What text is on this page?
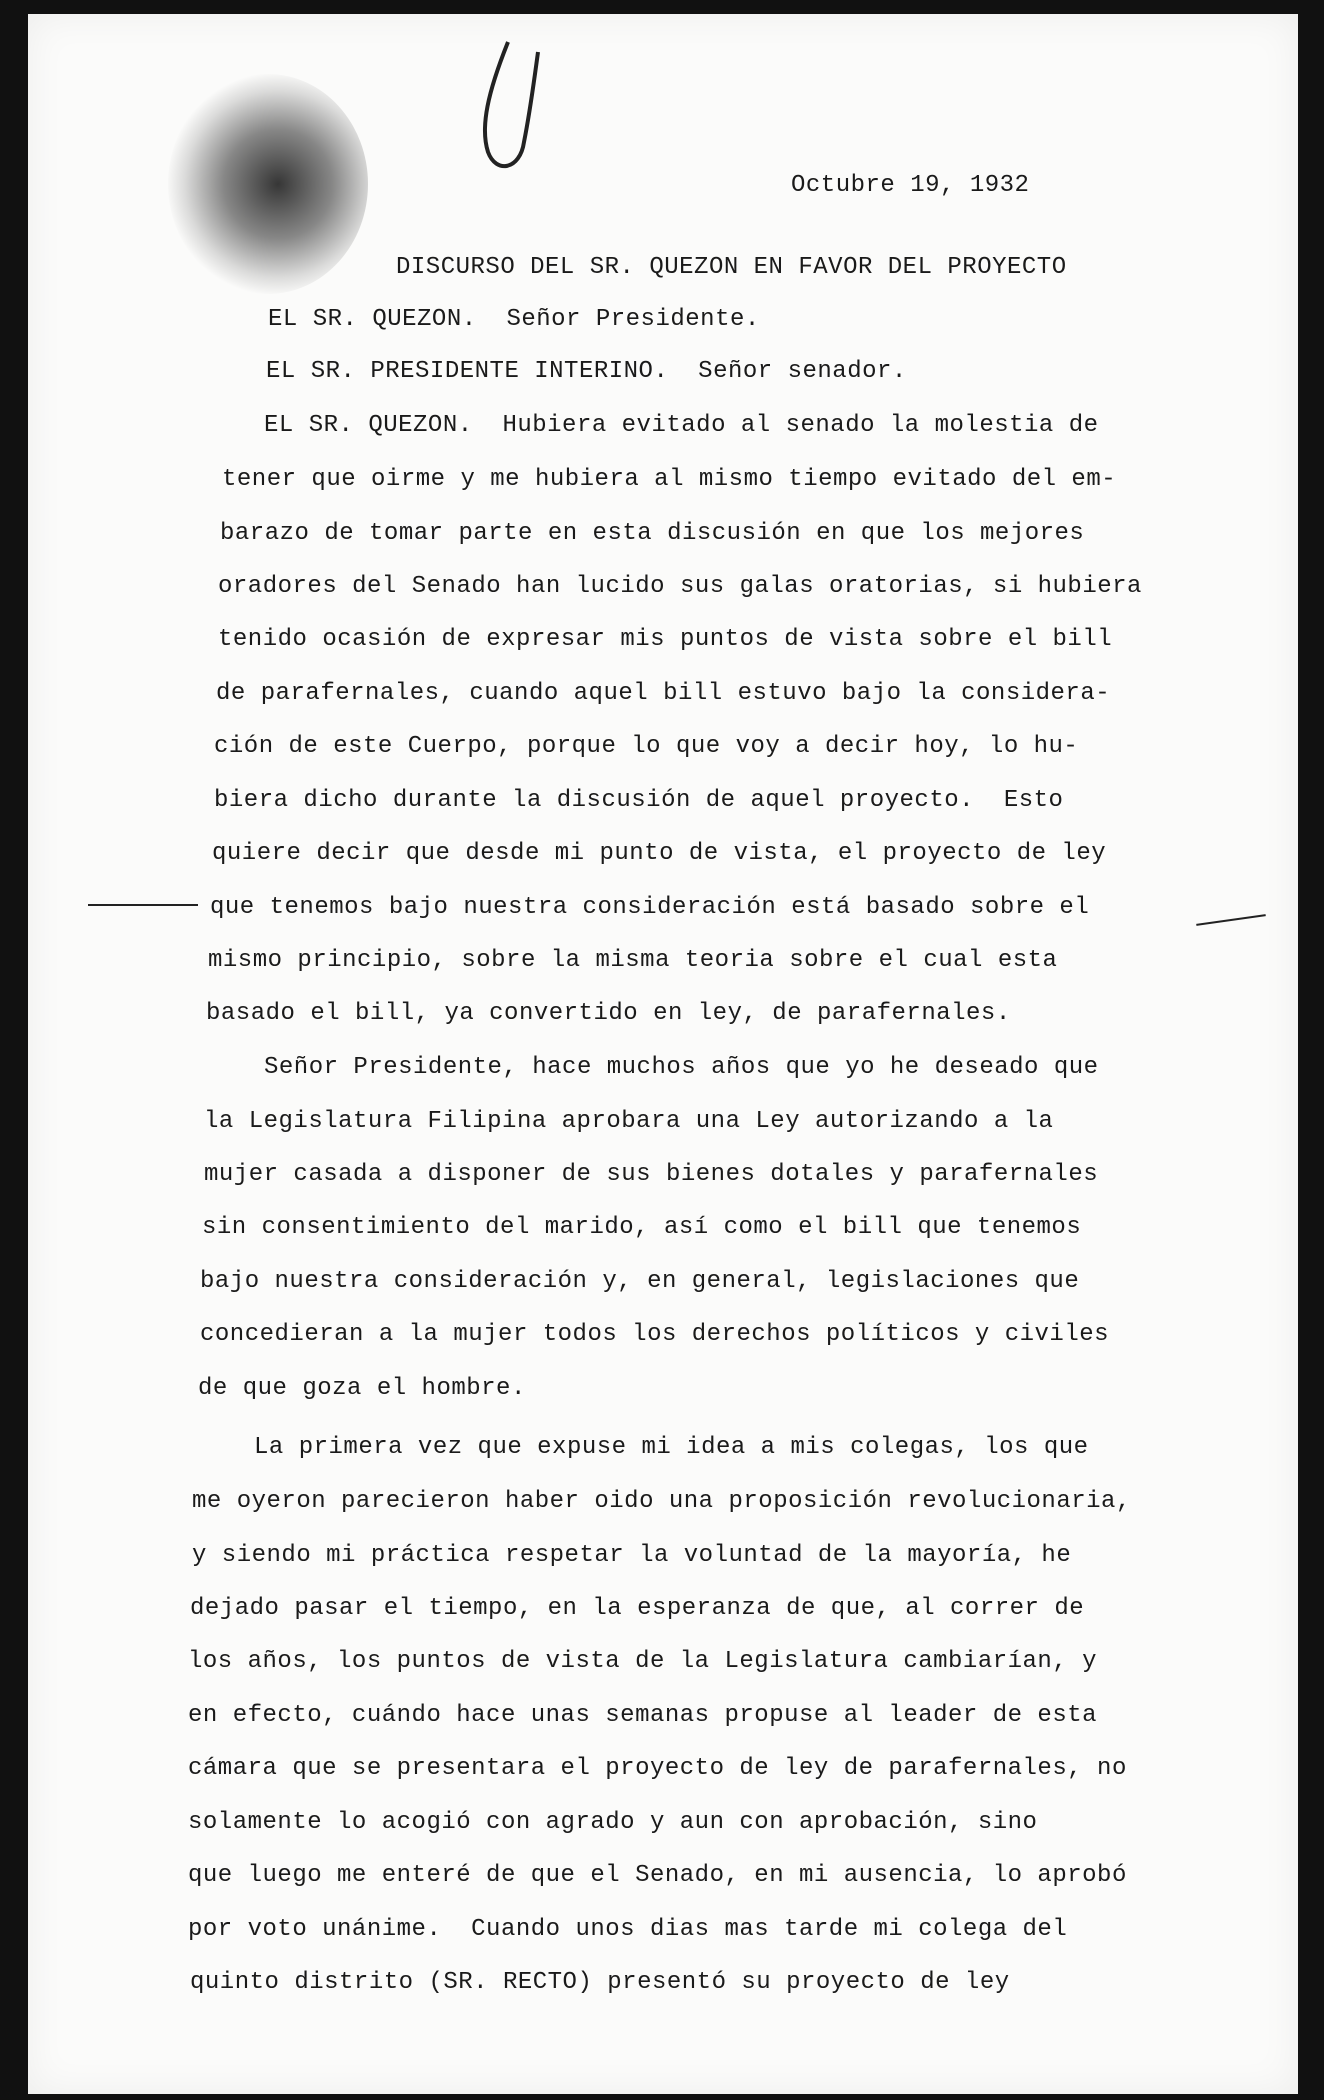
Octubre 19, 1932

DISCURSO DEL SR. QUEZON EN FAVOR DEL PROYECTO

EL SR. QUEZON.  Señor Presidente.

EL SR. PRESIDENTE INTERINO.  Señor senador.

EL SR. QUEZON.  Hubiera evitado al senado la molestia de

tener que oirme y me hubiera al mismo tiempo evitado del em-

barazo de tomar parte en esta discusión en que los mejores

oradores del Senado han lucido sus galas oratorias, si hubiera

tenido ocasión de expresar mis puntos de vista sobre el bill

de parafernales, cuando aquel bill estuvo bajo la considera-

ción de este Cuerpo, porque lo que voy a decir hoy, lo hu-

biera dicho durante la discusión de aquel proyecto.  Esto

quiere decir que desde mi punto de vista, el proyecto de ley

que tenemos bajo nuestra consideración está basado sobre el

mismo principio, sobre la misma teoria sobre el cual esta

basado el bill, ya convertido en ley, de parafernales.

Señor Presidente, hace muchos años que yo he deseado que

la Legislatura Filipina aprobara una Ley autorizando a la

mujer casada a disponer de sus bienes dotales y parafernales

sin consentimiento del marido, así como el bill que tenemos

bajo nuestra consideración y, en general, legislaciones que

concedieran a la mujer todos los derechos políticos y civiles

de que goza el hombre.

La primera vez que expuse mi idea a mis colegas, los que

me oyeron parecieron haber oido una proposición revolucionaria,

y siendo mi práctica respetar la voluntad de la mayoría, he

dejado pasar el tiempo, en la esperanza de que, al correr de

los años, los puntos de vista de la Legislatura cambiarían, y

en efecto, cuándo hace unas semanas propuse al leader de esta

cámara que se presentara el proyecto de ley de parafernales, no

solamente lo acogió con agrado y aun con aprobación, sino

que luego me enteré de que el Senado, en mi ausencia, lo aprobó

por voto unánime.  Cuando unos dias mas tarde mi colega del

quinto distrito (SR. RECTO) presentó su proyecto de ley
